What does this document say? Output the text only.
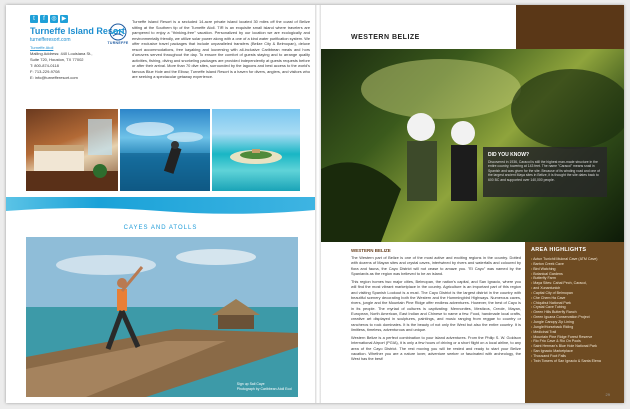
t	f	◎ ▶
Turneffe Island Resort
turnefferesort.com
Turneffe Atoll
Mailing Address: 440 Louisiana St.,
Suite 720, Houston, TX 77002
T: 800-874-0118
F: 713-229-9708
E: info@turnefferesort.com
TURNEFFE
Turneffe Island Resort is a secluded 14-acre private island located 30 miles off the coast of Belize sitting at the Southern tip of the Turneffe Atoll. TIR is an exquisite small island where travelers are pampered to enjoy a "thinking-free" vacation. Personalized by our location we are ecologically and environmentally friendly, we utilize solar power along with a one of a kind water purification system. We offer exclusive travel packages that include unparalleled transfers (Belize City & Belmopan), deluxe resort accommodations, free kayaking and louverslng with all-inclusive Caribbean meals and hors d'oeuvres served throughout the day. To ensure the comfort of guests staying and to arrange quality activities, fishing, diving and snorkeling packages are provided independently at guests requests before or after their arrival. More than 70 dive sites, surrounded by the lagoons and best access to the world's famous Blue Hole and the Elbow, Turneffe Island Resort is a haven for divers, anglers, and visitors who are seeking a spectacular getaway experience.
CAYES AND ATOLLS
Sign up Sail Caye
Photograph by Caribbean Atoll Ecol
WESTERN BELIZE
DID YOU KNOW?

Discovered in 1936, Caracol is still the highest man-made structure in the entire country, towering at 143 feet. The name "Caracol" means snail in Spanish and was given for the site. Because of its winding road and one of the largest ancient Maya sites in Belize, it is thought the site dates back to 600 BC and supported over 140,000 people.

WESTERN BELIZE

The Western part of Belize is one of the most active and exciting regions in the country. Dotted with dozens of Mayan sites and crystal caves, intertwined by rivers and waterfalls and coloured by flora and fauna, the Cayo District will not cease to amaze you. "El Cayo" was named by the Spaniards as the region was believed to be an island.

This region homes two major cities, Belmopan, the nation's capital, and San Ignacio, where you will find the most vibrant marketplace in the country. Agriculture is an important part of this region and visiting Spanish Lookout is a must. The Cayo District is the largest district in the country with beautiful scenery decorating both the Western and the Hummingbird Highways. Numerous caves, rivers, jungle and the Mountain Pine Ridge offer endless adventures. However, the best of Cayo is in its people. The myriad of cultures is captivating: Mennonites, Mestizos, Creole, Mayan, European, North American, East Indian and Chinese to name a few. Food, handmade local crafts, creative art displayed in sculptures, paintings, and music ranging from reggae to country or rancheros to rock dominates. It is the beauty of not only the West but also the entire country. It is limitless, timeless, adventurous and unique.

Western Belize is a perfect combination to your island adventures. From the Philip S. W. Goldson International Airport (PGIA), it is only a few hours of driving or a short flight on a local airline, to any area of the Cayo District. The rest moving you will be rested and ready to start your Belize vacation. Whether you are a nature lover, adventure seeker or fascinated with archeology, the West has the best!

AREA HIGHLIGHTS
• Actun Tunichil Muknal Cave (ATM Cave)
• Barton Creek Cave
• Bird Watching
• Botanical Gardens
• Butterfly Farm
• Maya Sites: Cahal Pech, Caracol,
• and Xunantunich
• Capital City of Belmopan
• Che Chem Ha Cave
• Chiquibul National Park
• Crystal Cave Tubing
• Green Hills Butterfly Ranch
• Green Iguana Conservation Project
• Jungle Canopy Zip Lining
• Jungle/Horseback Riding
• Medicinal Trail
• Mountain Pine Ridge Forest Reserve
• Rio Frio Cave & Rio On Pools
• Saint Herman's Blue Hole National Park
• San Ignacio Marketplace
• Thousand Foot Falls
• Twin Towers of San Ignacio & Santa Elena
29
